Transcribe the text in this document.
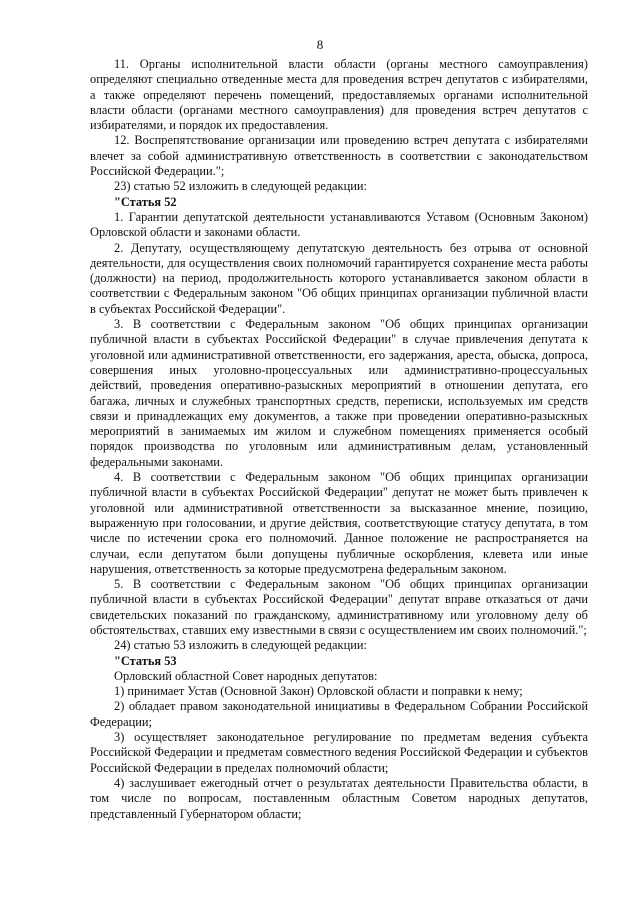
8

11. Органы исполнительной власти области (органы местного самоуправления) определяют специально отведенные места для проведения встреч депутатов с избирателями, а также определяют перечень помещений, предоставляемых органами исполнительной власти области (органами местного самоуправления) для проведения встреч депутатов с избирателями, и порядок их предоставления.

12. Воспрепятствование организации или проведению встреч депутата с избирателями влечет за собой административную ответственность в соответствии с законодательством Российской Федерации.";

23) статью 52 изложить в следующей редакции:

"Статья 52

1. Гарантии депутатской деятельности устанавливаются Уставом (Основным Законом) Орловской области и законами области.

2. Депутату, осуществляющему депутатскую деятельность без отрыва от основной деятельности, для осуществления своих полномочий гарантируется сохранение места работы (должности) на период, продолжительность которого устанавливается законом области в соответствии с Федеральным законом "Об общих принципах организации публичной власти в субъектах Российской Федерации".

3. В соответствии с Федеральным законом "Об общих принципах организации публичной власти в субъектах Российской Федерации" в случае привлечения депутата к уголовной или административной ответственности, его задержания, ареста, обыска, допроса, совершения иных уголовно-процессуальных или административно-процессуальных действий, проведения оперативно-разыскных мероприятий в отношении депутата, его багажа, личных и служебных транспортных средств, переписки, используемых им средств связи и принадлежащих ему документов, а также при проведении оперативно-разыскных мероприятий в занимаемых им жилом и служебном помещениях применяется особый порядок производства по уголовным или административным делам, установленный федеральными законами.

4. В соответствии с Федеральным законом "Об общих принципах организации публичной власти в субъектах Российской Федерации" депутат не может быть привлечен к уголовной или административной ответственности за высказанное мнение, позицию, выраженную при голосовании, и другие действия, соответствующие статусу депутата, в том числе по истечении срока его полномочий. Данное положение не распространяется на случаи, если депутатом были допущены публичные оскорбления, клевета или иные нарушения, ответственность за которые предусмотрена федеральным законом.

5. В соответствии с Федеральным законом "Об общих принципах организации публичной власти в субъектах Российской Федерации" депутат вправе отказаться от дачи свидетельских показаний по гражданскому, административному или уголовному делу об обстоятельствах, ставших ему известными в связи с осуществлением им своих полномочий.";

24) статью 53 изложить в следующей редакции:

"Статья 53

Орловский областной Совет народных депутатов:

1) принимает Устав (Основной Закон) Орловской области и поправки к нему;

2) обладает правом законодательной инициативы в Федеральном Собрании Российской Федерации;

3) осуществляет законодательное регулирование по предметам ведения субъекта Российской Федерации и предметам совместного ведения Российской Федерации и субъектов Российской Федерации в пределах полномочий области;

4) заслушивает ежегодный отчет о результатах деятельности Правительства области, в том числе по вопросам, поставленным областным Советом народных депутатов, представленный Губернатором области;
